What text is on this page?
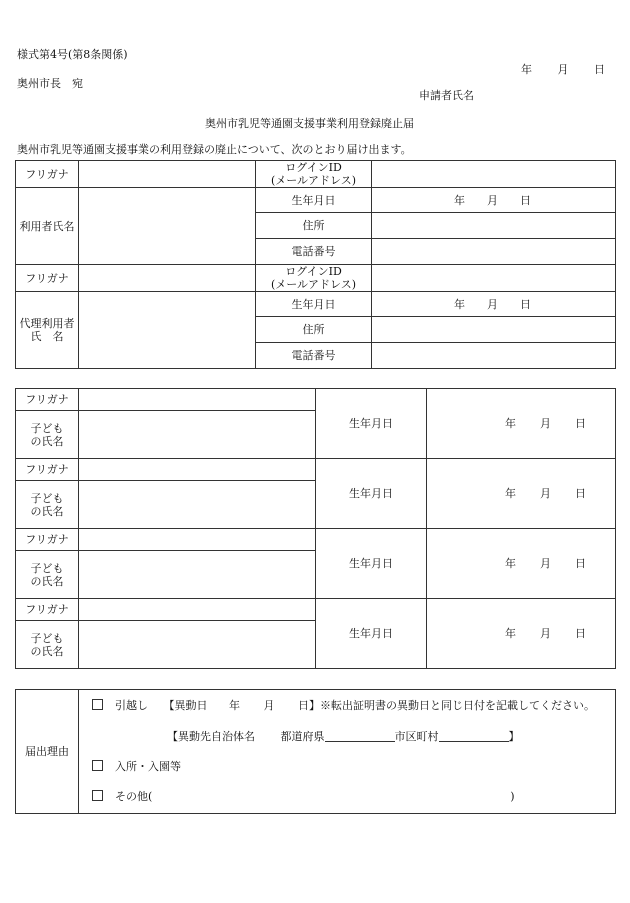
様式第4号(第8条関係)
年 月 日
奥州市長　宛
申請者氏名
奥州市乳児等通園支援事業利用登録廃止届
奥州市乳児等通園支援事業の利用登録の廃止について、次のとおり届け出ます。
フリガナ		ログインID
(メールアドレス)	

利用者氏名		生年月日	年 月 日
		住所	
		電話番号	
フリガナ		ログインID
(メールアドレス)	

代理利用者
氏　名		生年月日	年 月 日
		住所	
		電話番号	
フリガナ		生年月日	年 月 日

子ども
の氏名			

フリガナ		生年月日	年 月 日

子ども
の氏名			

フリガナ		生年月日	年 月 日

子ども
の氏名			

フリガナ		生年月日	年 月 日

子ども
の氏名			

届出理由	
引越し 【異動日 年 月 日】※転出証明書の異動日と同じ日付を記載してください。
【異動先自治体名 都道府県	市区町村	】
入所・入園等
その他(	)
